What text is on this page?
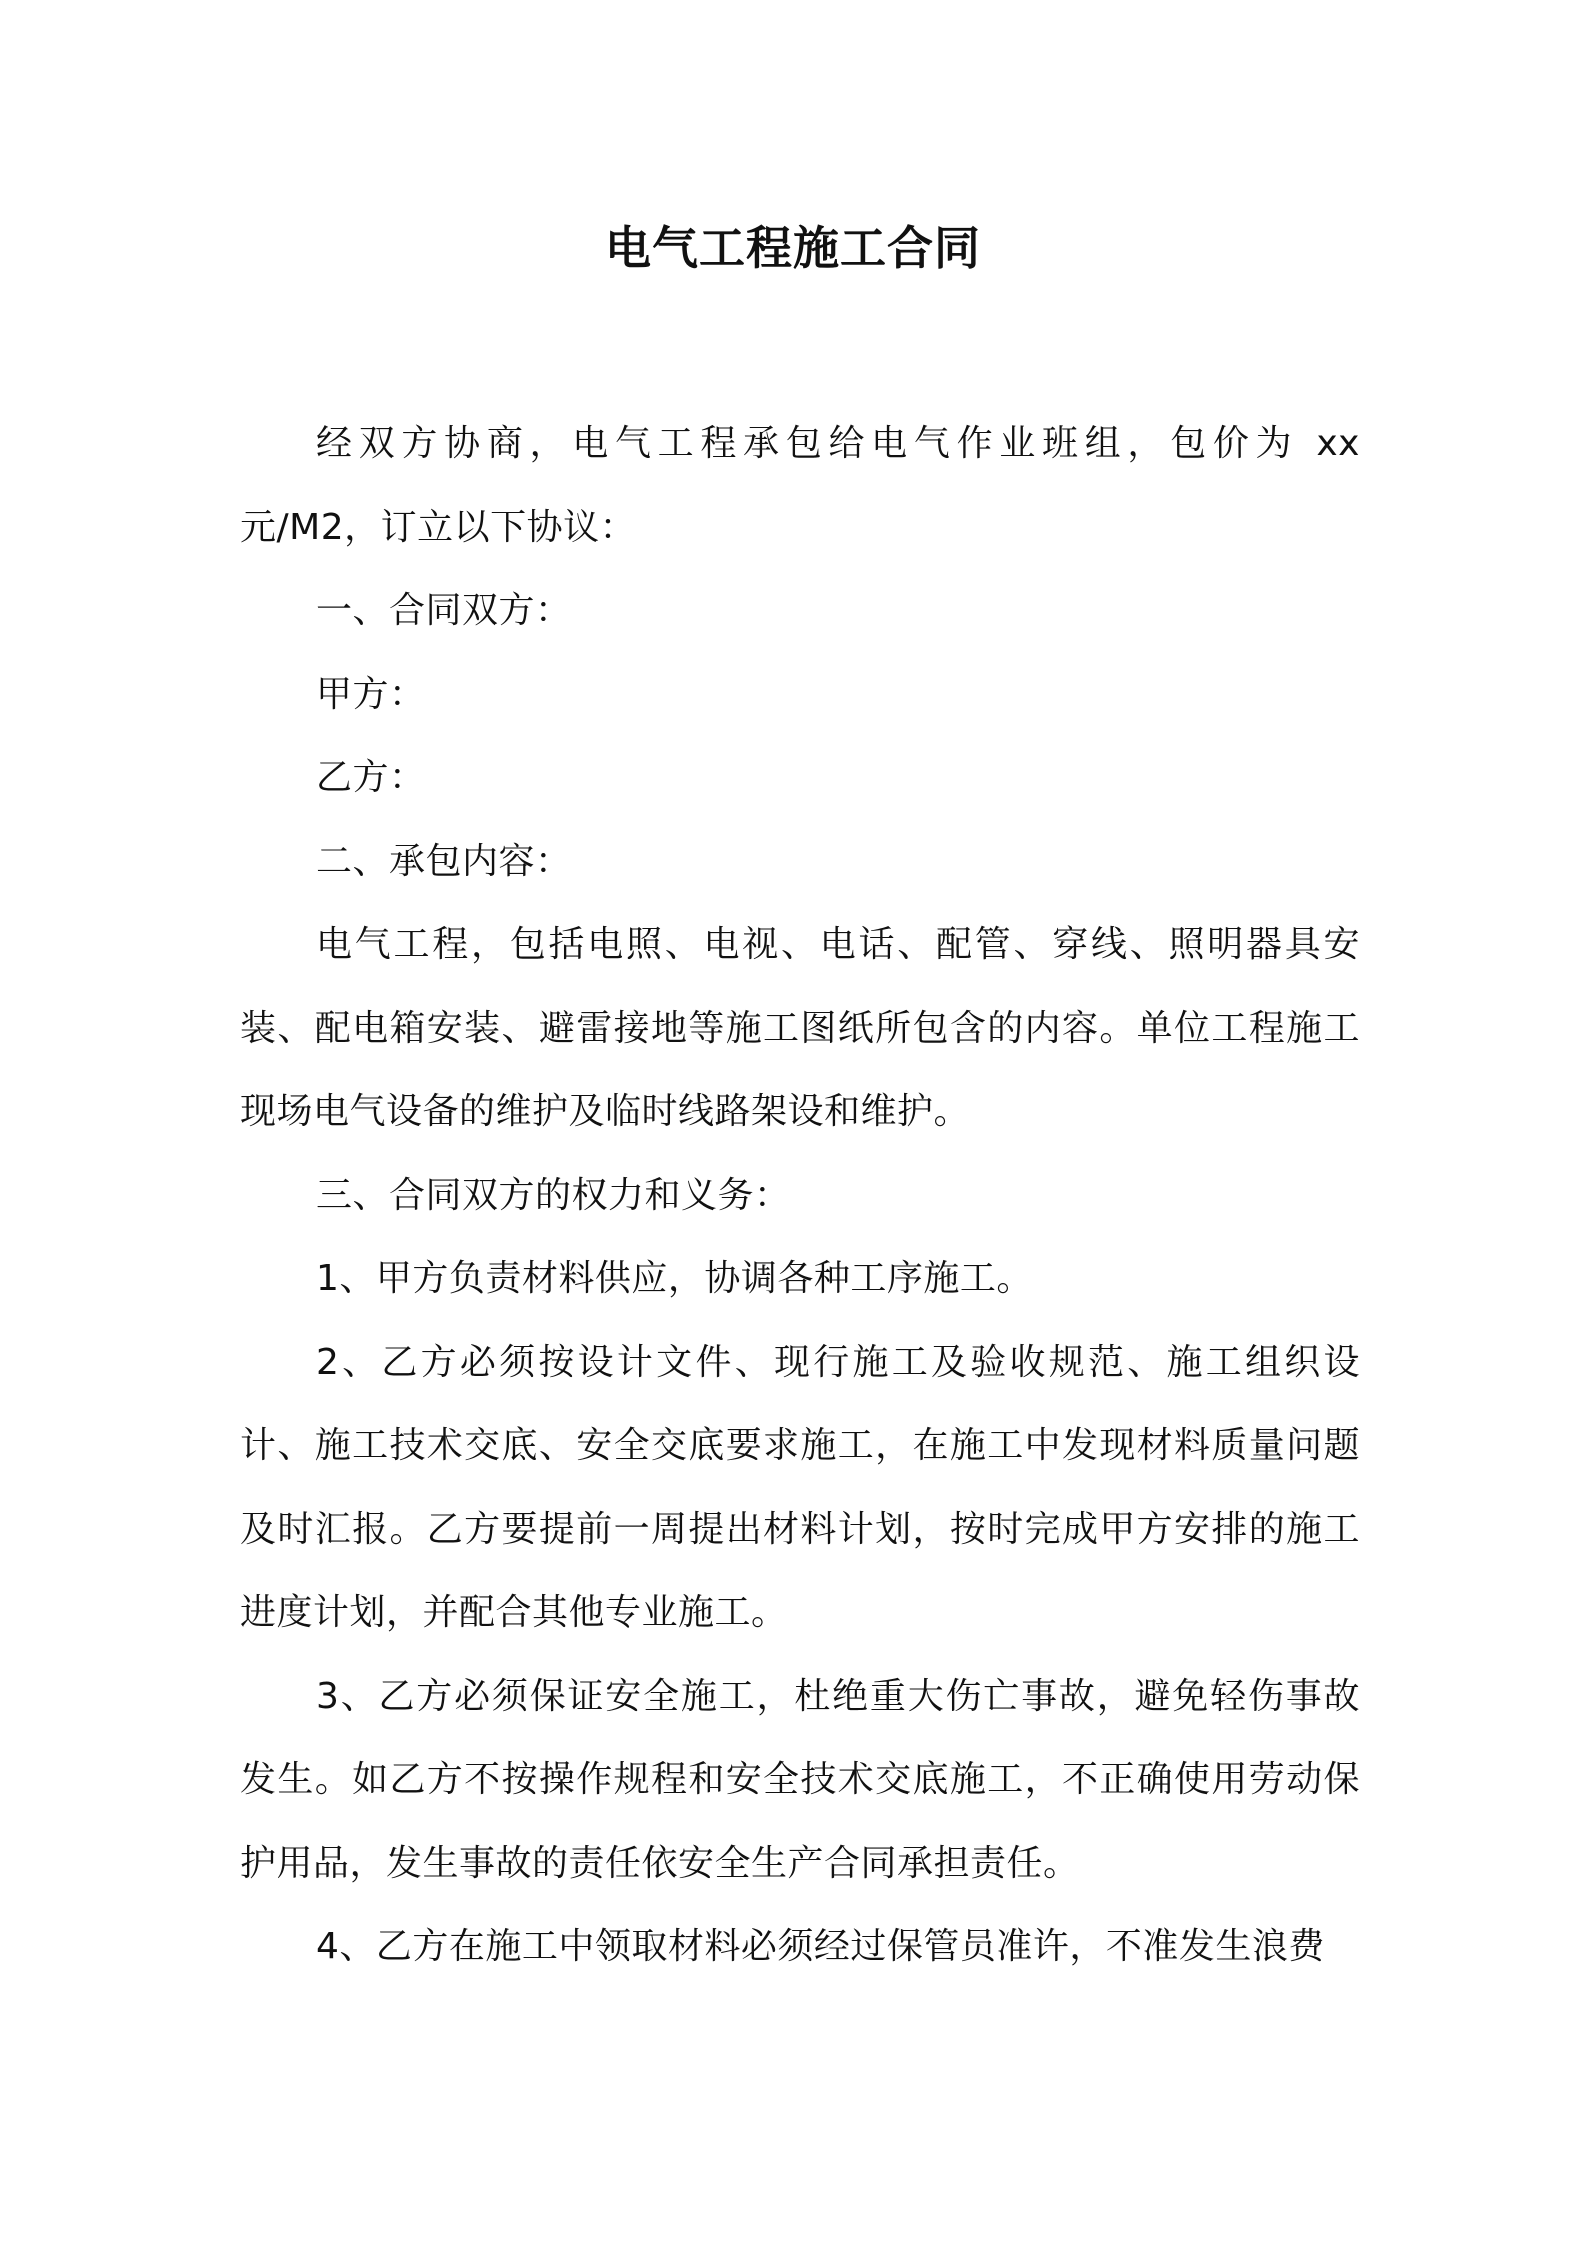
电气工程施工合同

经双方协商，电气工程承包给电气作业班组，包价为 xx 元/M2，订立以下协议：

一、合同双方：

甲方：

乙方：

二、承包内容：

电气工程，包括电照、电视、电话、配管、穿线、照明器具安装、配电箱安装、避雷接地等施工图纸所包含的内容。单位工程施工现场电气设备的维护及临时线路架设和维护。

三、合同双方的权力和义务：

1、甲方负责材料供应，协调各种工序施工。

2、乙方必须按设计文件、现行施工及验收规范、施工组织设计、施工技术交底、安全交底要求施工，在施工中发现材料质量问题及时汇报。乙方要提前一周提出材料计划，按时完成甲方安排的施工进度计划，并配合其他专业施工。

3、乙方必须保证安全施工，杜绝重大伤亡事故，避免轻伤事故发生。如乙方不按操作规程和安全技术交底施工，不正确使用劳动保护用品，发生事故的责任依安全生产合同承担责任。

4、乙方在施工中领取材料必须经过保管员准许，不准发生浪费
